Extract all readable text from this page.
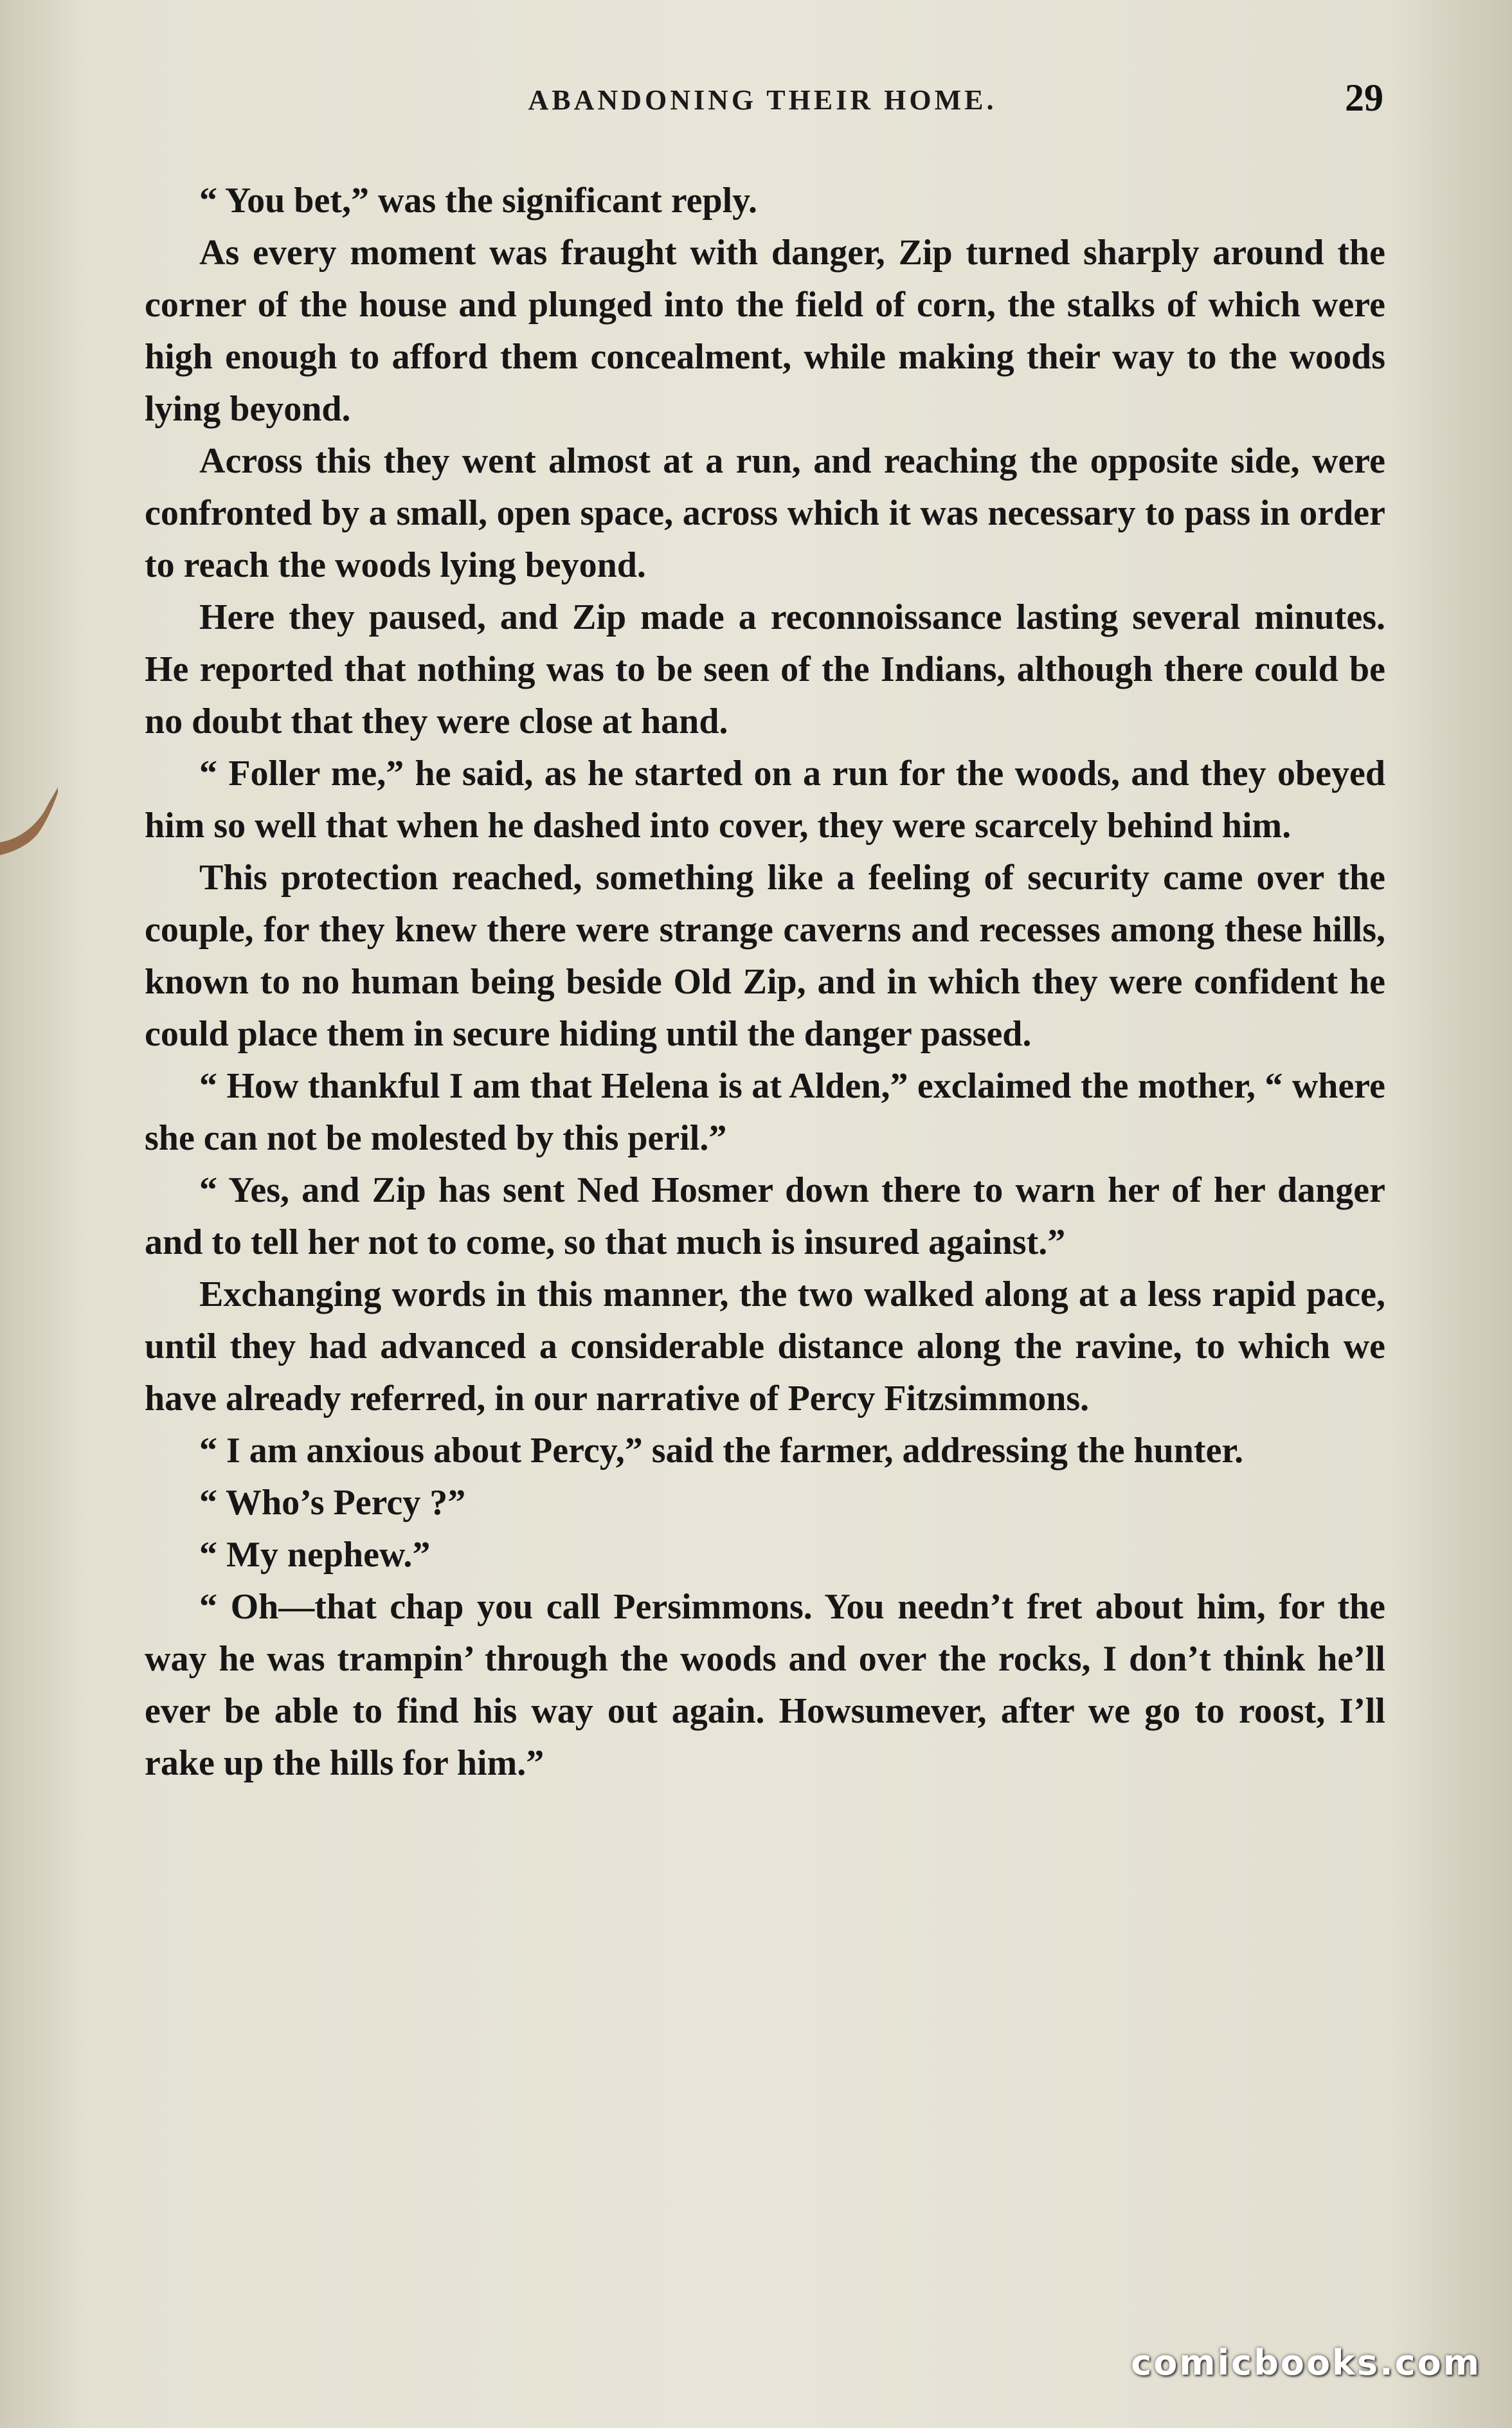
ABANDONING THEIR HOME.	29

“ You bet,” was the significant reply.

As every moment was fraught with danger, Zip turned sharply around the corner of the house and plunged into the field of corn, the stalks of which were high enough to afford them concealment, while making their way to the woods lying beyond.

Across this they went almost at a run, and reaching the opposite side, were confronted by a small, open space, across which it was necessary to pass in order to reach the woods lying beyond.

Here they paused, and Zip made a reconnoissance lasting several minutes. He reported that nothing was to be seen of the Indians, although there could be no doubt that they were close at hand.

“ Foller me,” he said, as he started on a run for the woods, and they obeyed him so well that when he dashed into cover, they were scarcely behind him.

This protection reached, something like a feeling of security came over the couple, for they knew there were strange caverns and recesses among these hills, known to no human being beside Old Zip, and in which they were confident he could place them in secure hiding until the danger passed.

“ How thankful I am that Helena is at Alden,” exclaimed the mother, “ where she can not be molested by this peril.”

“ Yes, and Zip has sent Ned Hosmer down there to warn her of her danger and to tell her not to come, so that much is insured against.”

Exchanging words in this manner, the two walked along at a less rapid pace, until they had advanced a considerable distance along the ravine, to which we have already referred, in our narrative of Percy Fitzsimmons.

“ I am anxious about Percy,” said the farmer, addressing the hunter.

“ Who’s Percy ?”

“ My nephew.”

“ Oh—that chap you call Persimmons. You needn’t fret about him, for the way he was trampin’ through the woods and over the rocks, I don’t think he’ll ever be able to find his way out again. Howsumever, after we go to roost, I’ll rake up the hills for him.”

comicbooks.com
